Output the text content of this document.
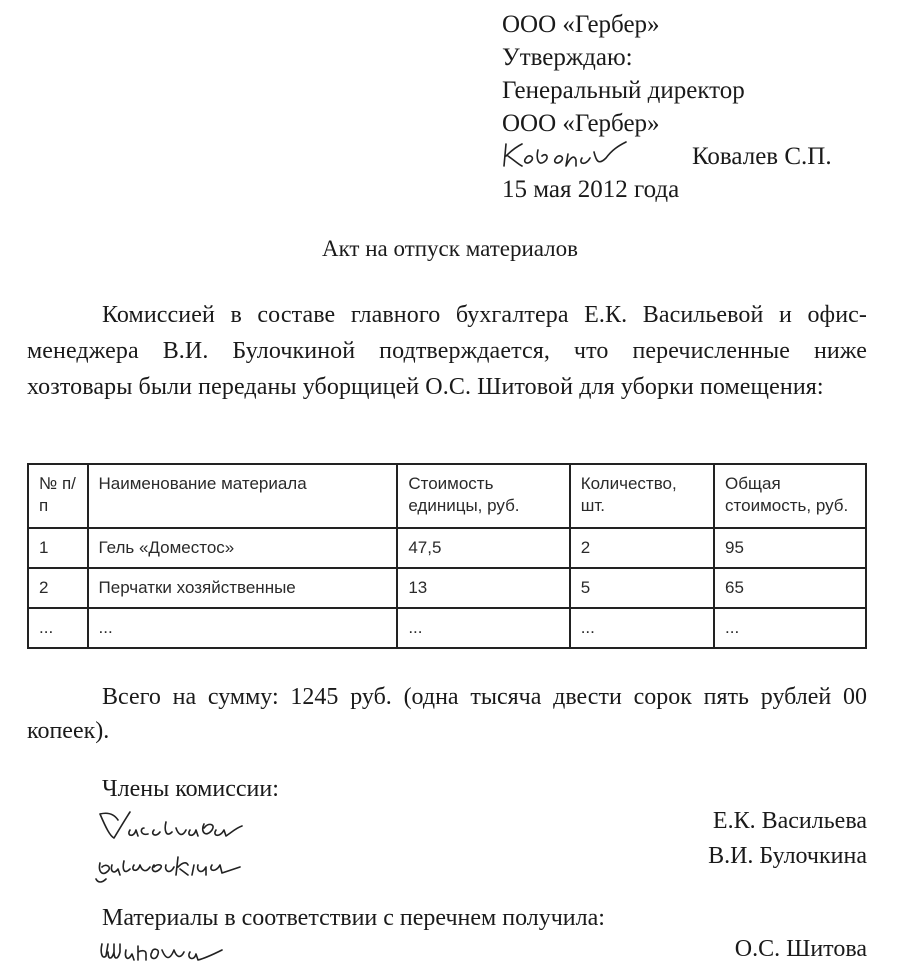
ООО «Гербер»
Утверждаю:
Генеральный директор
ООО «Гербер»
Ковалев С.П.
15 мая 2012 года
Акт на отпуск материалов
Комиссией в составе главного бухгалтера Е.К. Васильевой и офис-менеджера В.И. Булочкиной подтверждается, что перечисленные ниже хозтовары были переданы уборщицей О.С. Шитовой для уборки помещения:
№ п/п	Наименование материала	Стоимость единицы, руб.	Количество, шт.	Общая стоимость, руб.
1	Гель «Доместос»	47,5	2	95
2	Перчатки хозяйственные	13	5	65
...	...	...	...	...
Всего на сумму: 1245 руб. (одна тысяча двести сорок пять рублей 00 копеек).
Члены комиссии:
Е.К. Васильева
В.И. Булочкина
Материалы в соответствии с перечнем получила:
О.С. Шитова
